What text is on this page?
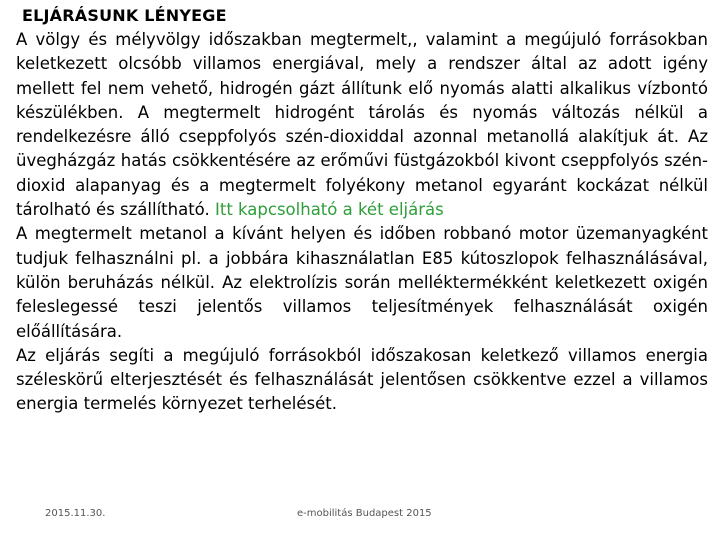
ELJÁRÁSUNK LÉNYEGE

A völgy és mélyvölgy időszakban megtermelt,, valamint a megújuló forrásokban keletkezett olcsóbb villamos energiával, mely a rendszer által az adott igény mellett fel nem vehető, hidrogén gázt állítunk elő nyomás alatti alkalikus vízbontó készülékben. A megtermelt hidrogént tárolás és nyomás változás nélkül a rendelkezésre álló cseppfolyós szén-dioxiddal azonnal metanollá alakítjuk át. Az üvegházgáz hatás csökkentésére az erőművi füstgázokból kivont cseppfolyós szén-dioxid alapanyag és a megtermelt folyékony metanol egyaránt kockázat nélkül tárolható és szállítható. Itt kapcsolható a két eljárás

A megtermelt metanol a kívánt helyen és időben robbanó motor üzemanyagként tudjuk felhasználni pl. a jobbára kihasználatlan E85 kútoszlopok felhasználásával, külön beruházás nélkül. Az elektrolízis során melléktermékként keletkezett oxigén feleslegessé teszi jelentős villamos teljesítmények felhasználását oxigén előállítására.

Az eljárás segíti a megújuló forrásokból időszakosan keletkező villamos energia széleskörű elterjesztését és felhasználását jelentősen csökkentve ezzel a villamos energia termelés környezet terhelését.

2015.11.30.	e-mobilitás Budapest 2015
